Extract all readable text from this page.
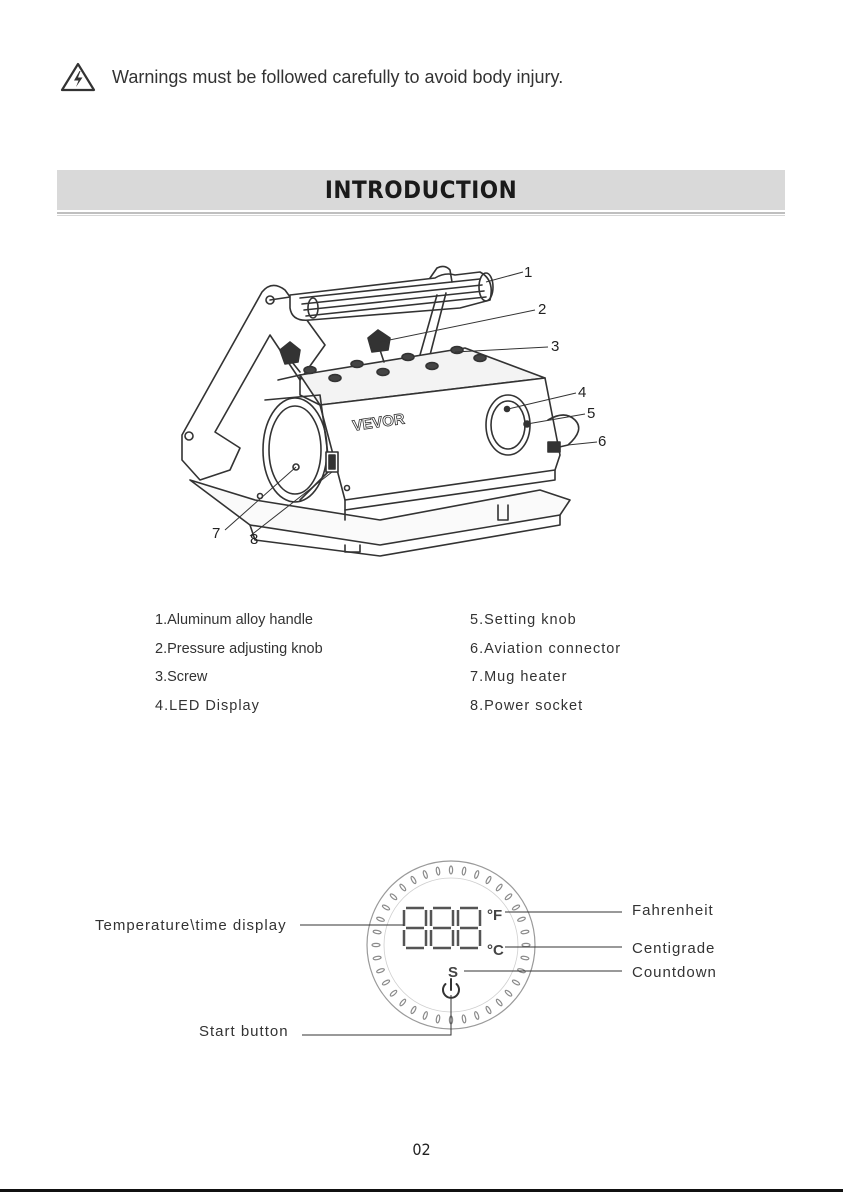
Warnings must be followed carefully to avoid body injury.
INTRODUCTION
VEVOR
1
2
3
4
5
6
7 8
1.Aluminum alloy handle
2.Pressure adjusting knob
3.Screw
4.LED Display
5.Setting knob
6.Aviation connector
7.Mug heater
8.Power socket
°F
°C
S
Temperature\time display
Fahrenheit
Centigrade
Countdown
Start button
02
